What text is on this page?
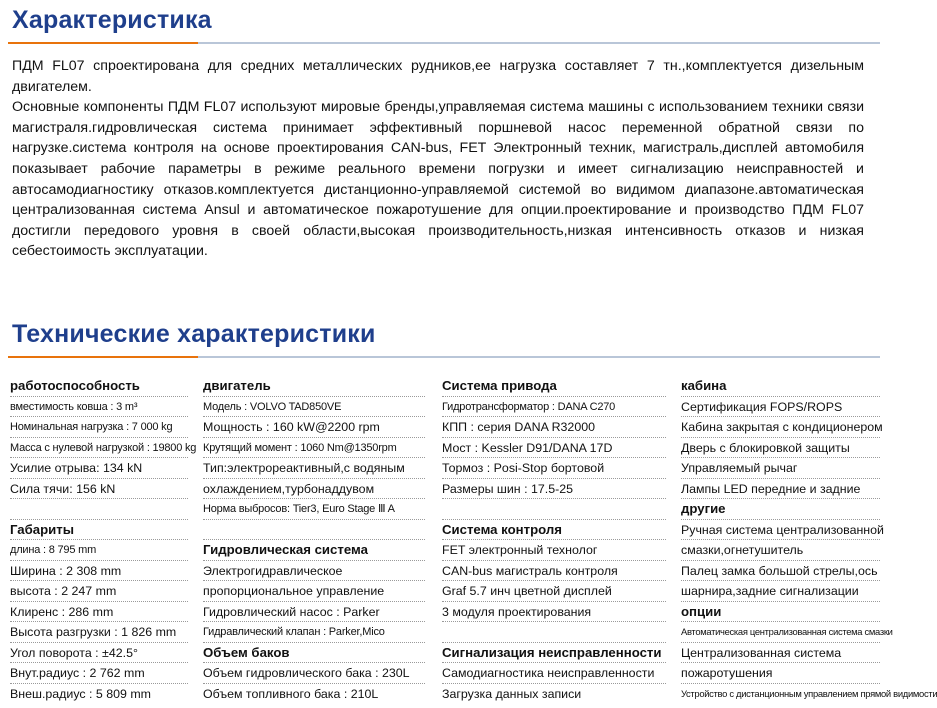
Характеристика

ПДМ FL07 спроектирована для средних металлических рудников,ее нагрузка составляет 7 тн.,комплектуется дизельным двигателем.

Основные компоненты ПДМ FL07 используют мировые бренды,управляемая система машины с использованием техники связи магистраля.гидровлическая система принимает эффективный поршневой насос переменной обратной связи по нагрузке.система контроля на основе проектирования CAN-bus, FET Электронный техник, магистраль,дисплей автомобиля показывает рабочие параметры в режиме реального времени погрузки и имеет сигнализацию неисправностей и автосамодиагностику отказов.комплектуется дистанционно-управляемой системой во видимом диапазоне.автоматическая централизованная система Ansul и автоматическое пожаротушение для опции.проектирование и производство ПДМ FL07 достигли передового уровня в своей области,высокая производительность,низкая интенсивность отказов и низкая себестоимость эксплуатации.

Технические характеристики
работоспособность
вместимость ковша : 3 m³
Номинальная нагрузка : 7 000 kg
Масса с нулевой нагрузкой : 19800 kg
Усилие отрыва: 134 kN
Сила тячи: 156 kN
Габариты
длина : 8 795 mm
Ширина : 2 308 mm
высота : 2 247 mm
Клиренс : 286 mm
Высота разгрузки : 1 826 mm
Угол поворота : ±42.5°
Внут.радиус : 2 762 mm
Внеш.радиус : 5 809 mm
двигатель
Модель : VOLVO TAD850VE
Мощность : 160 kW@2200 rpm
Крутящий момент : 1060 Nm@1350rpm
Тип:электрореактивный,с водяным
охлаждением,турбонаддувом
Норма выбросов: Tier3, Euro Stage Ⅲ A
Гидровлическая система
Электрогидравлическое
пропорциональное управление
Гидровлический насос : Parker
Гидравлический клапан : Parker,Mico
Объем баков
Объем гидровлического бака : 230L
Объем топливного бака : 210L
Система привода
Гидротрансформатор : DANA C270
КПП : серия DANA R32000
Мост : Kessler D91/DANA 17D
Тормоз : Posi-Stop бортовой
Размеры шин : 17.5-25
Система контроля
FET электронный технолог
CAN-bus магистраль контроля
Graf 5.7 инч цветной дисплей
3 модуля проектирования
Сигнализация неисправленности
Самодиагностика неисправленности
Загрузка данных записи
кабина
Сертификация FOPS/ROPS
Кабина закрытая с кондиционером
Дверь с блокировкой защиты
Управляемый рычаг
Лампы LED передние и задние
другие
Ручная система централизованной
смазки,огнетушитель
Палец замка большой стрелы,ось
шарнира,задние сигнализации
опции
Автоматическая централизованная система смазки
Централизованная система
пожаротушения
Устройство с дистанционным управлением прямой видимости
